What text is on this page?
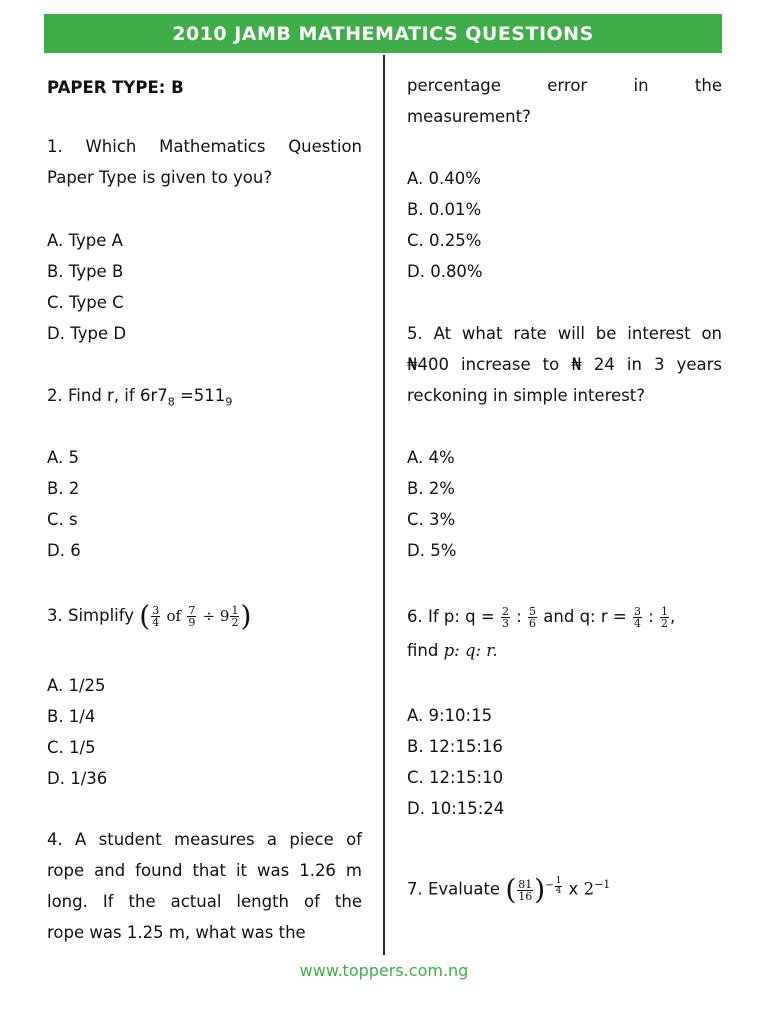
2010 JAMB MATHEMATICS QUESTIONS
PAPER TYPE: B
1. Which Mathematics Question
Paper Type is given to you?
A. Type A
B. Type B
C. Type C
D. Type D
2. Find r, if $6r7_8 =511_9$
A. 5
B. 2
C. s
D. 6
3. Simplify ( $\frac{3}{4}$ of $\frac{7}{9} \div 9 \frac{1}{2}$ )
A. 1/25
B. 1/4
C. 1/5
D. 1/36
4. A student measures a piece of
rope and found that it was 1.26 m
long. If the actual length of the
rope was 1.25 m, what was the
percentage error in the
measurement?
A. 0.40%
B. 0.01%
C. 0.25%
D. 0.80%
5. At what rate will be interest on
₦400 increase to ₦ 24 in 3 years
reckoning in simple interest?
A. 4%
B. 2%
C. 3%
D. 5%
6. If p: $q = \frac{2}{3}$ : $\frac{5}{6}$ and q: $r = \frac{3}{4}$ : $\frac{1}{2}$ ,
find p: q: r.
A. 9:10:15
B. 12:15:16
C. 12:15:10
D. 10:15:24
7. Evaluate ( $\frac{81}{16}$ ) − $\frac{1}{4}$ x $2^{-1}$
www.toppers.com.ng
